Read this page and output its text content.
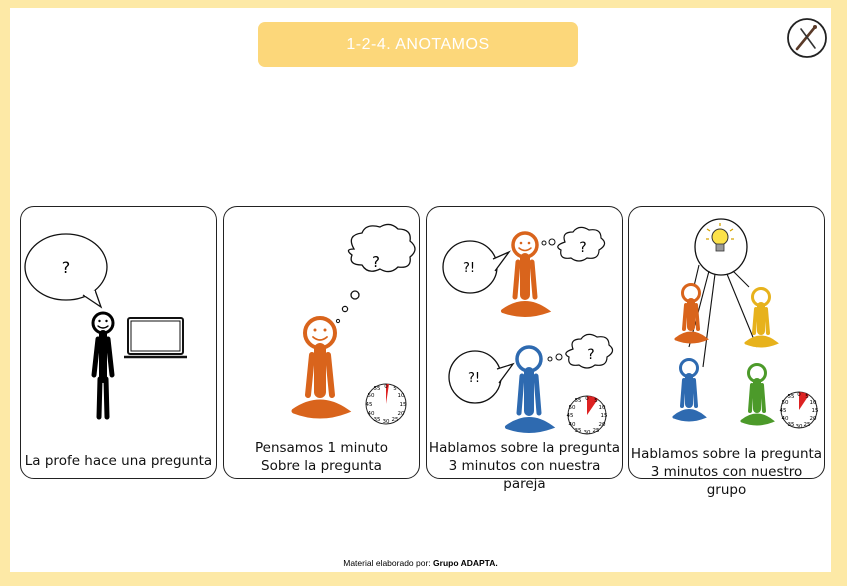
1-2-4. ANOTAMOS
?
La profe hace una pregunta
?
0 5
10
15
20
25
30
35
40
45
50
55
Pensamos 1 minuto
Sobre la pregunta
?!
?
?!
?
0 5
10
15
20
25
30
35
40
45
50
55
Hablamos sobre la pregunta
3 minutos con nuestra pareja
0 5
10
15
20
25
30
35
40
45
50
55
Hablamos sobre la pregunta
3 minutos con nuestro grupo
Material elaborado por: Grupo ADAPTA.
